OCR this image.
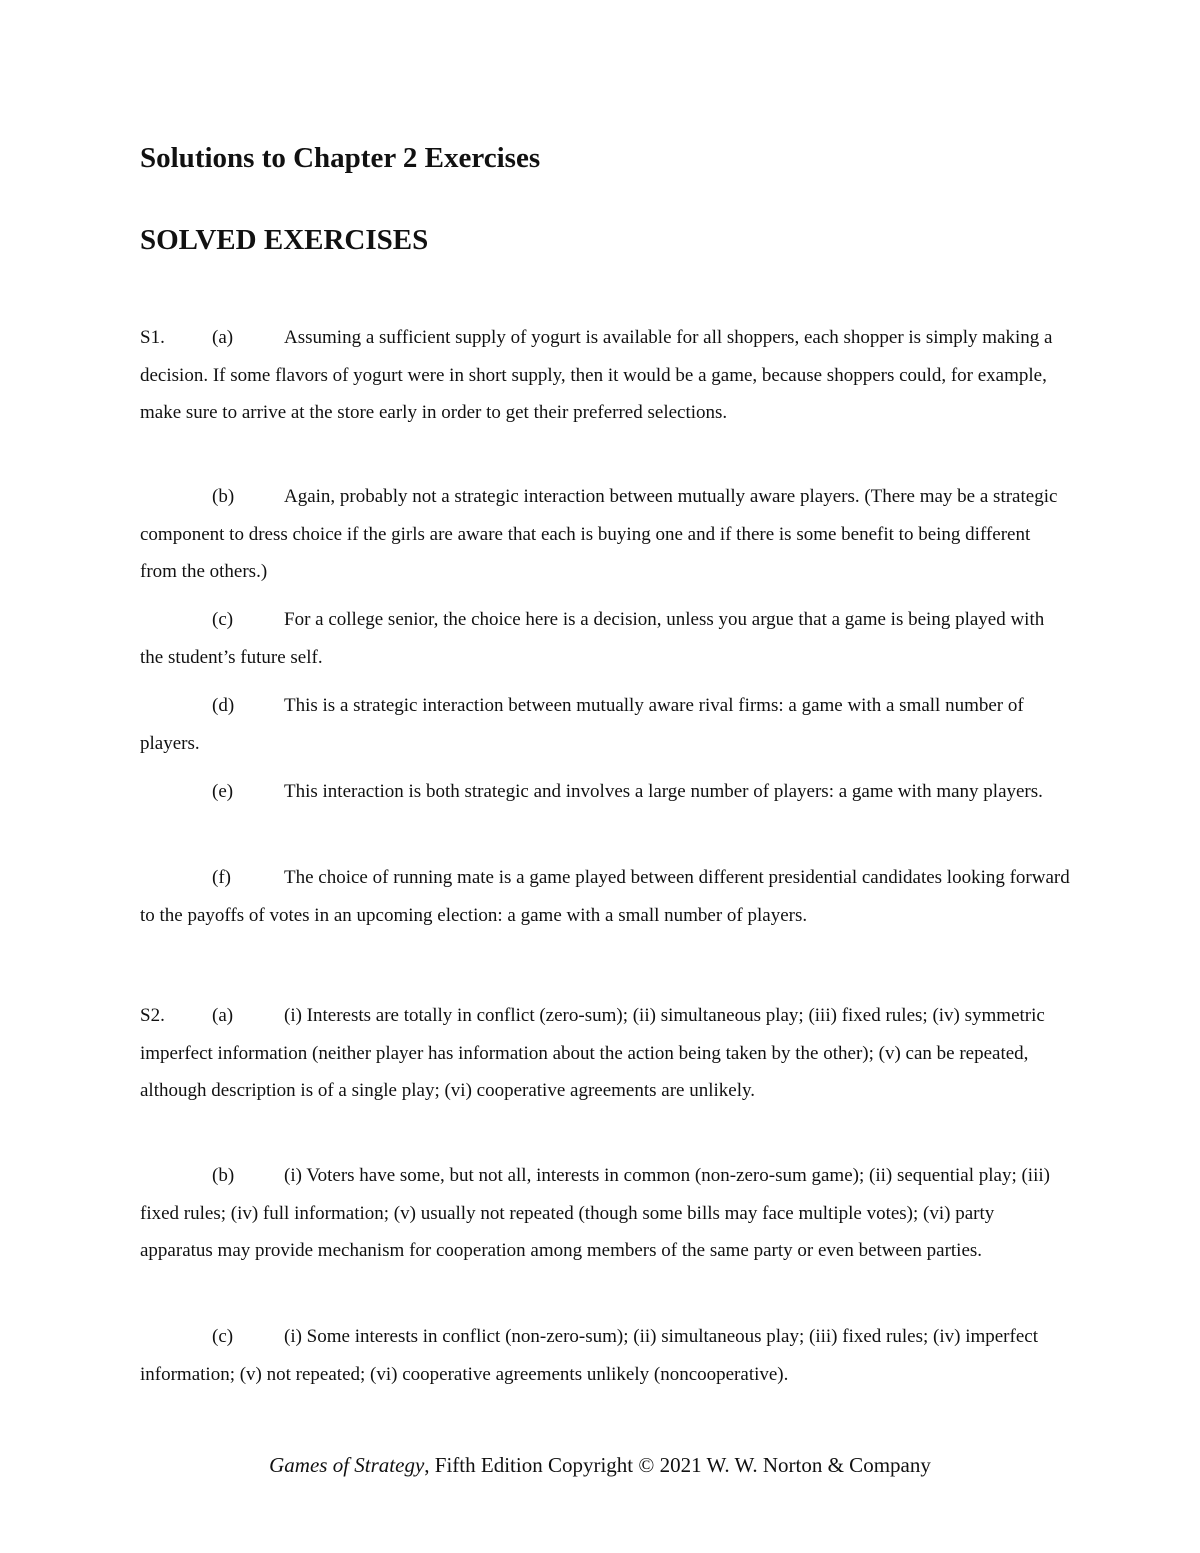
Solutions to Chapter 2 Exercises
SOLVED EXERCISES

S1. (a)	Assuming a sufficient supply of yogurt is available for all shoppers, each shopper is simply making a decision. If some flavors of yogurt were in short supply, then it would be a game, because shoppers could, for example, make sure to arrive at the store early in order to get their preferred selections.

(b)	Again, probably not a strategic interaction between mutually aware players. (There may be a strategic component to dress choice if the girls are aware that each is buying one and if there is some benefit to being different from the others.)

(c)	For a college senior, the choice here is a decision, unless you argue that a game is being played with the student’s future self.

(d)	This is a strategic interaction between mutually aware rival firms: a game with a small number of players.

(e)	This interaction is both strategic and involves a large number of players: a game with many players.

(f)	The choice of running mate is a game played between different presidential candidates looking forward to the payoffs of votes in an upcoming election: a game with a small number of players.

S2. (a)	(i) Interests are totally in conflict (zero-sum); (ii) simultaneous play; (iii) fixed rules; (iv) symmetric imperfect information (neither player has information about the action being taken by the other); (v) can be repeated, although description is of a single play; (vi) cooperative agreements are unlikely.

(b)	(i) Voters have some, but not all, interests in common (non-zero-sum game); (ii) sequential play; (iii) fixed rules; (iv) full information; (v) usually not repeated (though some bills may face multiple votes); (vi) party apparatus may provide mechanism for cooperation among members of the same party or even between parties.

(c)	(i) Some interests in conflict (non-zero-sum); (ii) simultaneous play; (iii) fixed rules; (iv) imperfect information; (v) not repeated; (vi) cooperative agreements unlikely (noncooperative).

Games of Strategy, Fifth Edition Copyright © 2021 W. W. Norton & Company
